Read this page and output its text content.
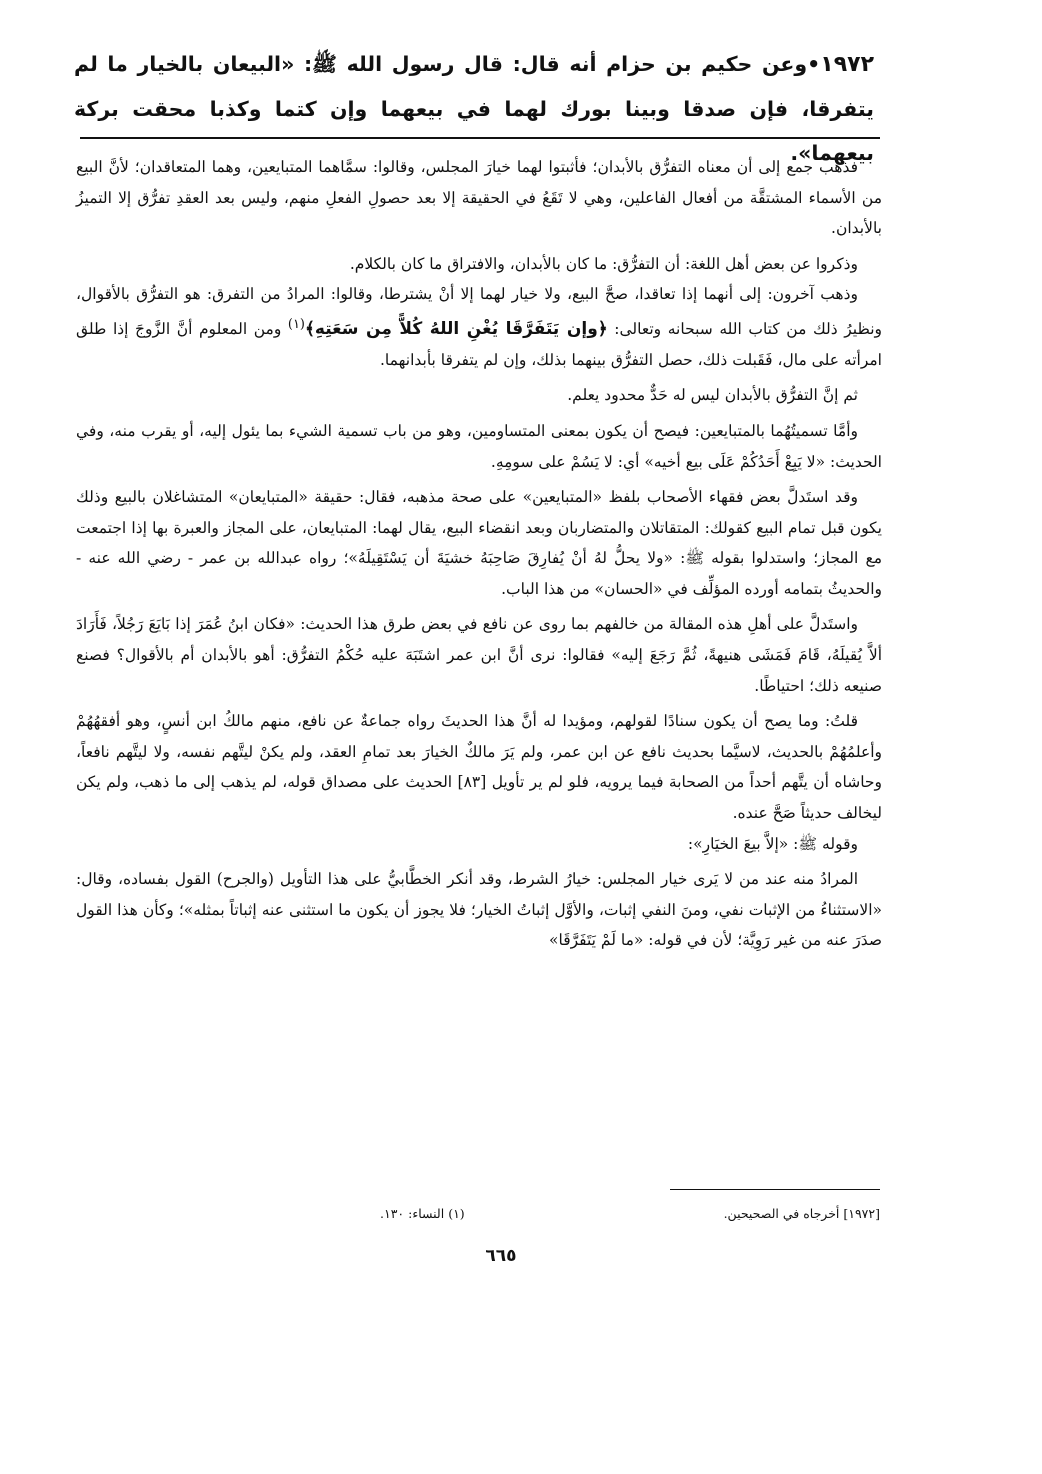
١٩٧٢•وعن حكيم بن حزام أنه قال: قال رسول الله ﷺ: «البيعان بالخيار ما لم يتفرقا، فإن صدقا وبينا بورك لهما في بيعهما وإن كتما وكذبا محقت بركة بيعهما».

فذهب جمع إلى أن معناه التفرُّق بالأبدان؛ فأثبتوا لهما خيارَ المجلس، وقالوا: سمَّاهما المتبايعين، وهما المتعاقدان؛ لأنَّ البيع من الأسماء المشتقَّة من أفعال الفاعلين، وهي لا تَقَعُ في الحقيقة إلا بعد حصولِ الفعلِ منهم، وليس بعد العقدِ تفرُّق إلا التميزُ بالأبدان.

وذكروا عن بعض أهل اللغة: أن التفرُّق: ما كان بالأبدان، والافتراق ما كان بالكلام.

وذهب آخرون: إلى أنهما إذا تعاقدا، صحَّ البيع، ولا خيار لهما إلا أنْ يشترطا، وقالوا: المرادُ من التفرق: هو التفرُّق بالأقوال، ونظيرُ ذلك من كتاب الله سبحانه وتعالى: ﴿وإن يَتَفَرَّقَا يُغْنِ اللهُ كُلاًّ مِن سَعَتِهِ﴾$^{(١)}$ ومن المعلوم أنَّ الزَّوجَ إذا طلق امرأته على مال، فَقَبلت ذلك، حصل التفرُّق بينهما بذلك، وإن لم يتفرقا بأبدانهما.

ثم إنَّ التفرُّق بالأبدان ليس له حَدٌّ محدود يعلم.

وأمَّا تسميتُهُما بالمتبايعين: فيصح أن يكون بمعنى المتساومين، وهو من باب تسمية الشيء بما يئول إليه، أو يقرب منه، وفي الحديث: «لا يَبِعْ أَحَدُكُمْ عَلَى بيع أخيه» أي: لا يَسُمْ على سومِهِ.

وقد استَدلَّ بعض فقهاء الأصحاب بلفظ «المتبايعين» على صحة مذهبه، فقال: حقيقة «المتبايعان» المتشاغلان بالبيع وذلك يكون قبل تمام البيع كقولك: المتقاتلان والمتضاربان وبعد انقضاء البيع، يقال لهما: المتبايعان، على المجاز والعبرة بها إذا اجتمعت مع المجاز؛ واستدلوا بقوله ﷺ: «ولا يحلُّ لهُ أنْ يُفارِقَ صَاحِبَهُ خشيَةَ أن يَسْتَقِيلَهُ»؛ رواه عبدالله بن عمر - رضي الله عنه - والحديثُ بتمامه أورده المؤلِّف في «الحسان» من هذا الباب.

واستَدلَّ على أهلِ هذه المقالة من خالفهم بما روى عن نافع في بعض طرق هذا الحديث: «فكان ابنُ عُمَرَ إذا بَايَعَ رَجُلاً، فَأَرَادَ ألاَّ يُقيلَهُ، قَامَ فَمَشَى هنيهةً، ثُمَّ رَجَعَ إليه» فقالوا: نرى أنَّ ابن عمر اشتَبَهَ عليه حُكْمُ التفرُّق: أهو بالأبدان أم بالأقوال؟ فصنع صنيعه ذلك؛ احتياطًا.

قلتُ: وما يصح أن يكون سنادًا لقولهم، ومؤيدا له أنَّ هذا الحديثَ رواه جماعةٌ عن نافع، منهم مالكُ ابن أنسٍ، وهو أفقهُهُمْ وأعلمُهُمْ بالحديث، لاسيَّما بحديث نافع عن ابن عمر، ولم يَرَ مالكٌ الخيارَ بعد تمامِ العقد، ولم يكنْ ليتَّهم نفسه، ولا ليتَّهم نافعاً، وحاشاه أن يتَّهم أحداً من الصحابة فيما يرويه، فلو لم ير تأويل [٨٣] الحديث على مصداق قوله، لم يذهب إلى ما ذهب، ولم يكن ليخالف حديثاً صَحَّ عنده.

وقوله ﷺ: «إلاَّ بيعَ الخيَارِ»:

المرادُ منه عند من لا يَرى خيار المجلس: خيارُ الشرط، وقد أنكر الخطَّابيُّ على هذا التأويل (والجرح) القول بفساده، وقال: «الاستثناءُ من الإثبات نفي، ومنَ النفي إثبات، والأوَّل إثباتُ الخيار؛ فلا يجوز أن يكون ما استثنى عنه إثباتاً بمثله»؛ وكأن هذا القول صدَرَ عنه من غير رَوِيَّة؛ لأن في قوله: «ما لَمْ يَتَفَرَّقَا»

[١٩٧٢] أخرجاه في الصحيحين.
(١) النساء: ١٣٠.
٦٦٥
